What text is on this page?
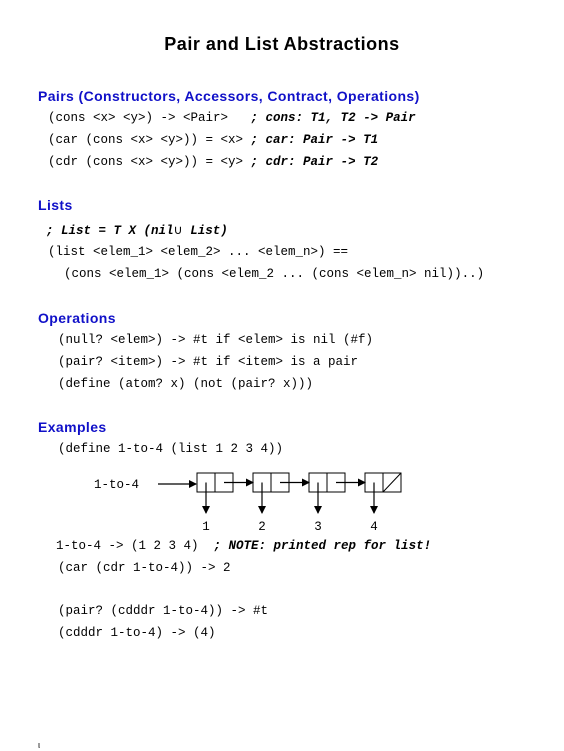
Pair and List Abstractions
Pairs (Constructors, Accessors, Contract, Operations)
(cons <x> <y>) -> <Pair>   ; cons: T1, T2 -> Pair
(car (cons <x> <y>)) = <x> ; car: Pair -> T1
(cdr (cons <x> <y>)) = <y> ; cdr: Pair -> T2
Lists
; List = T X (nil∪ List)
(list <elem_1> <elem_2> ... <elem_n>) ==
(cons <elem_1> (cons <elem_2 ... (cons <elem_n> nil))..)
Operations
(null? <elem>) -> #t if <elem> is nil (#f)
(pair? <item>) -> #t if <item> is a pair
(define (atom? x) (not (pair? x)))
Examples
(define 1-to-4 (list 1 2 3 4))
1-to-4
1	2	3	4
1-to-4 -> (1 2 3 4)  ; NOTE: printed rep for list!
(car (cdr 1-to-4)) -> 2
(pair? (cdddr 1-to-4)) -> #t
(cdddr 1-to-4) -> (4)
ι
